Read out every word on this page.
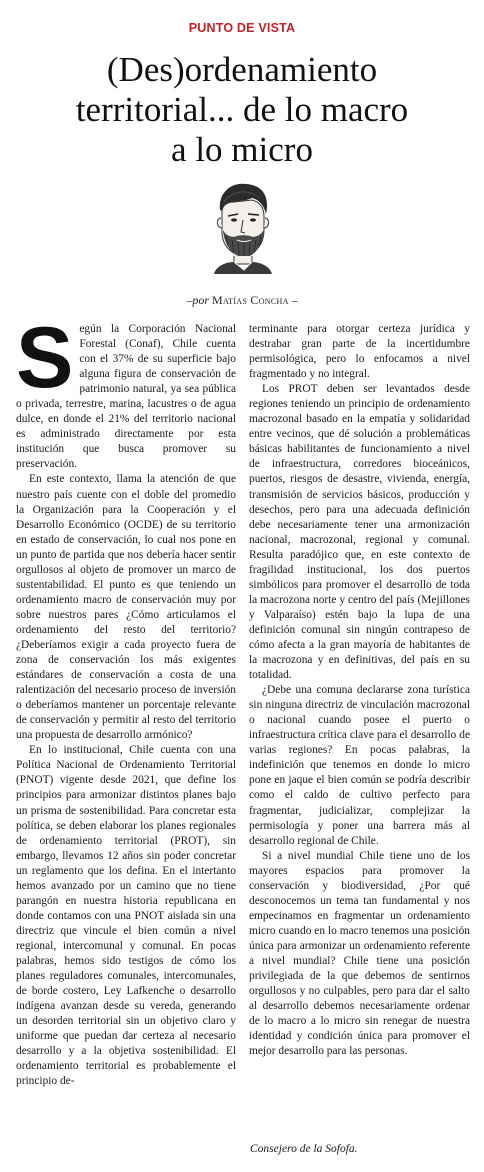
PUNTO DE VISTA
(Des)ordenamiento
territorial... de lo macro
a lo micro
–por Matías Concha –

Según la Corporación Nacional Forestal (Conaf), Chile cuenta con el 37% de su superficie bajo alguna figura de conservación de patrimonio natural, ya sea pública o privada, terrestre, marina, lacustres o de agua dulce, en donde el 21% del territorio nacional es administrado directamente por esta institución que busca promover su preservación.

En este contexto, llama la atención de que nuestro país cuente con el doble del promedio la Organización para la Cooperación y el Desarrollo Económico (OCDE) de su territorio en estado de conservación, lo cual nos pone en un punto de partida que nos debería hacer sentir orgullosos al objeto de promover un marco de sustentabilidad. El punto es que teniendo un ordenamiento macro de conservación muy por sobre nuestros pares ¿Cómo articulamos el ordenamiento del resto del territorio? ¿Deberíamos exigir a cada proyecto fuera de zona de conservación los más exigentes estándares de conservación a costa de una ralentización del necesario proceso de inversión o deberíamos mantener un porcentaje relevante de conservación y permitir al resto del territorio una propuesta de desarrollo armónico?

En lo institucional, Chile cuenta con una Política Nacional de Ordenamiento Territorial (PNOT) vigente desde 2021, que define los principios para armonizar distintos planes bajo un prisma de sostenibilidad. Para concretar esta política, se deben elaborar los planes regionales de ordenamiento territorial (PROT), sin embargo, llevamos 12 años sin poder concretar un reglamento que los defina. En el intertanto hemos avanzado por un camino que no tiene parangón en nuestra historia republicana en donde contamos con una PNOT aislada sin una directriz que vincule el bien común a nivel regional, intercomunal y comunal. En pocas palabras, hemos sido testigos de cómo los planes reguladores comunales, intercomunales, de borde costero, Ley Lafkenche o desarrollo indígena avanzan desde su vereda, generando un desorden territorial sin un objetivo claro y uniforme que puedan dar certeza al necesario desarrollo y a la objetiva sostenibilidad. El ordenamiento territorial es probablemente el principio de-

terminante para otorgar certeza jurídica y destrabar gran parte de la incertidumbre permisológica, pero lo enfocamos a nivel fragmentado y no integral.

Los PROT deben ser levantados desde regiones teniendo un principio de ordenamiento macrozonal basado en la empatía y solidaridad entre vecinos, que dé solución a problemáticas básicas habilitantes de funcionamiento a nivel de infraestructura, corredores bioceánicos, puertos, riesgos de desastre, vivienda, energía, transmisión de servicios básicos, producción y desechos, pero para una adecuada definición debe necesariamente tener una armonización nacional, macrozonal, regional y comunal. Resulta paradójico que, en este contexto de fragilidad institucional, los dos puertos simbólicos para promover el desarrollo de toda la macrozona norte y centro del país (Mejillones y Valparaíso) estén bajo la lupa de una definición comunal sin ningún contrapeso de cómo afecta a la gran mayoría de habitantes de la macrozona y en definitivas, del país en su totalidad.

¿Debe una comuna declararse zona turística sin ninguna directriz de vinculación macrozonal o nacional cuando posee el puerto o infraestructura crítica clave para el desarrollo de varias regiones? En pocas palabras, la indefinición que tenemos en donde lo micro pone en jaque el bien común se podría describir como el caldo de cultivo perfecto para fragmentar, judicializar, complejizar la permisología y poner una barrera más al desarrollo regional de Chile.

Si a nivel mundial Chile tiene uno de los mayores espacios para promover la conservación y biodiversidad, ¿Por qué desconocemos un tema tan fundamental y nos empecinamos en fragmentar un ordenamiento micro cuando en lo macro tenemos una posición única para armonizar un ordenamiento referente a nivel mundial? Chile tiene una posición privilegiada de la que debemos de sentirnos orgullosos y no culpables, pero para dar el salto al desarrollo debemos necesariamente ordenar de lo macro a lo micro sin renegar de nuestra identidad y condición única para promover el mejor desarrollo para las personas.

Consejero de la Sofofa.
